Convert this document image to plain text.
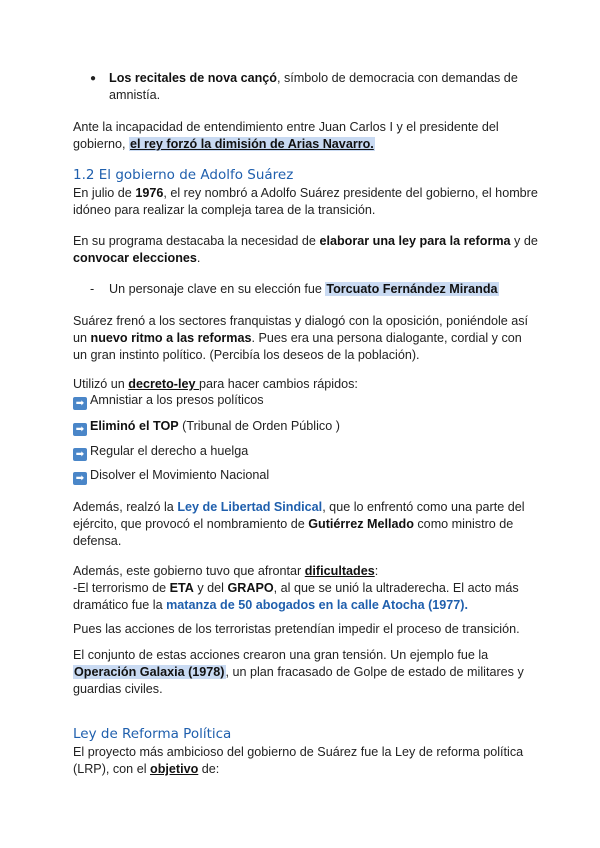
● Los recitales de nova cançó, símbolo de democracia con demandas de amnistía.

Ante la incapacidad de entendimiento entre Juan Carlos I y el presidente del gobierno, el rey forzó la dimisión de Arias Navarro.

1.2 El gobierno de Adolfo Suárez

En julio de 1976, el rey nombró a Adolfo Suárez presidente del gobierno, el hombre idóneo para realizar la compleja tarea de la transición.

En su programa destacaba la necesidad de elaborar una ley para la reforma y de convocar elecciones.

- Un personaje clave en su elección fue Torcuato Fernández Miranda

Suárez frenó a los sectores franquistas y dialogó con la oposición, poniéndole así un nuevo ritmo a las reformas. Pues era una persona dialogante, cordial y con un gran instinto político. (Percibía los deseos de la población).

Utilizó un decreto-ley para hacer cambios rápidos:

➡ Amnistiar a los presos políticos

➡ Eliminó el TOP (Tribunal de Orden Público )

➡ Regular el derecho a huelga

➡ Disolver el Movimiento Nacional

Además, realzó la Ley de Libertad Sindical, que lo enfrentó como una parte del ejército, que provocó el nombramiento de Gutiérrez Mellado como ministro de defensa.

Además, este gobierno tuvo que afrontar dificultades:
-El terrorismo de ETA y del GRAPO, al que se unió la ultraderecha. El acto más dramático fue la matanza de 50 abogados en la calle Atocha (1977).

Pues las acciones de los terroristas pretendían impedir el proceso de transición.

El conjunto de estas acciones crearon una gran tensión. Un ejemplo fue la Operación Galaxia (1978), un plan fracasado de Golpe de estado de militares y guardias civiles.

Ley de Reforma Política

El proyecto más ambicioso del gobierno de Suárez fue la Ley de reforma política (LRP), con el objetivo de:
